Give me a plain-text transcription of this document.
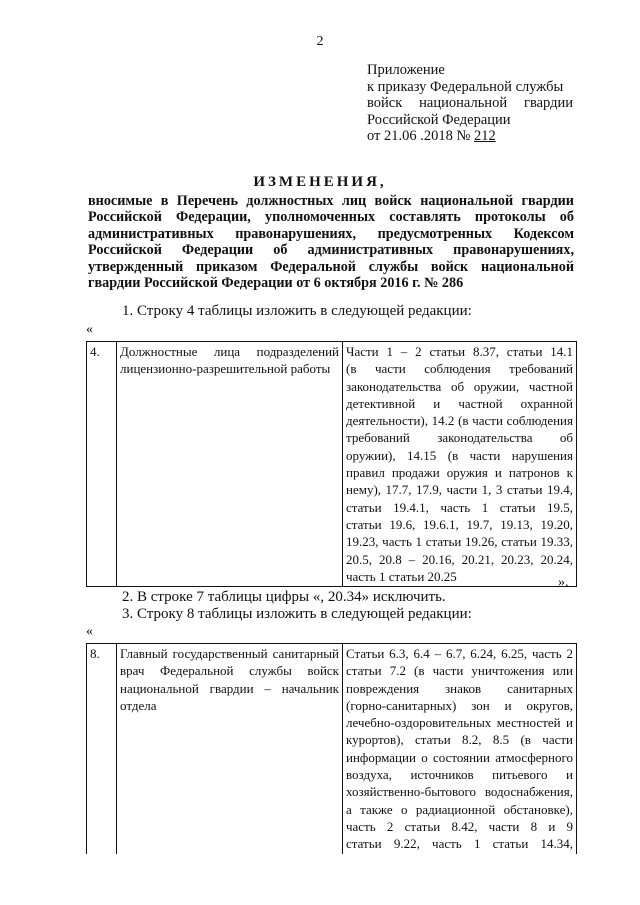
2
Приложение
к приказу Федеральной службы
войск национальной гвардии
Российской Федерации
от 21.06 .2018 № 212
ИЗМЕНЕНИЯ,
вносимые в Перечень должностных лиц войск национальной гвардии
Российской Федерации, уполномоченных составлять протоколы об
административных правонарушениях, предусмотренных Кодексом
Российской Федерации об административных правонарушениях,
утвержденный приказом Федеральной службы войск национальной
гвардии Российской Федерации от 6 октября 2016 г. № 286
1. Строку 4 таблицы изложить в следующей редакции:
«
4.	Должностные лица подразделений
лицензионно-разрешительной работы

Части 1 – 2 статьи 8.37, статьи 14.1
(в части соблюдения требований
законодательства об оружии, частной
детективной и частной охранной
деятельности), 14.2 (в части соблюдения
требований законодательства об
оружии), 14.15 (в части нарушения
правил продажи оружия и патронов к
нему), 17.7, 17.9, части 1, 3 статьи 19.4,
статьи 19.4.1, часть 1 статьи 19.5,
статьи 19.6, 19.6.1, 19.7, 19.13, 19.20,
19.23, часть 1 статьи 19.26, статьи 19.33,
20.5, 20.8 – 20.16, 20.21, 20.23, 20.24,
часть 1 статьи 20.25	».
2. В строке 7 таблицы цифры «, 20.34» исключить.
3. Строку 8 таблицы изложить в следующей редакции:
«
8.	Главный государственный санитарный
врач Федеральной службы войск
национальной гвардии – начальник
отдела

Статьи 6.3, 6.4 – 6.7, 6.24, 6.25, часть 2
статьи 7.2 (в части уничтожения или
повреждения знаков санитарных
(горно-санитарных) зон и округов,
лечебно-оздоровительных местностей и
курортов), статьи 8.2, 8.5 (в части
информации о состоянии атмосферного
воздуха, источников питьевого и
хозяйственно-бытового водоснабжения,
а также о радиационной обстановке),
часть 2 статьи 8.42, части 8 и 9
статьи 9.22, часть 1 статьи 14.34,
